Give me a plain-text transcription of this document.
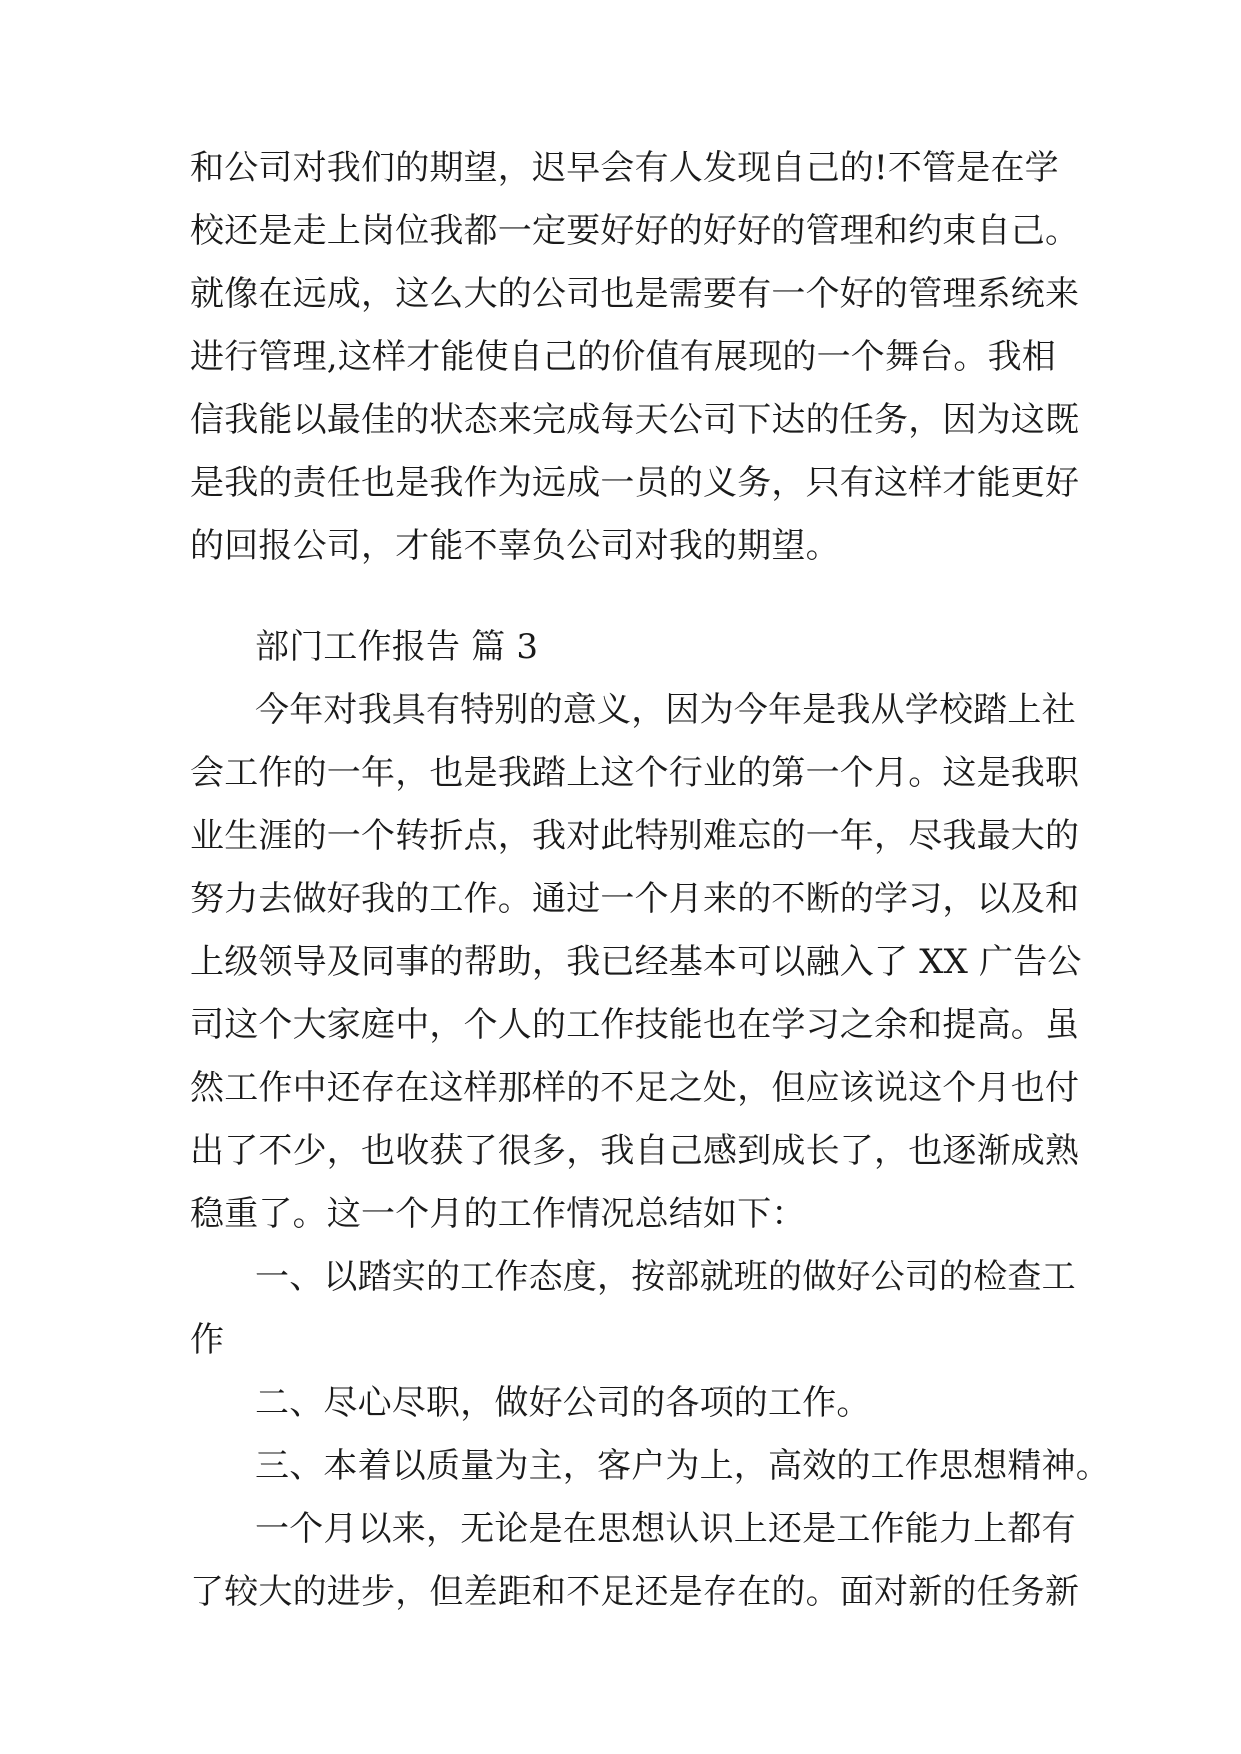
和公司对我们的期望，迟早会有人发现自己的!不管是在学
校还是走上岗位我都一定要好好的好好的管理和约束自己。
就像在远成，这么大的公司也是需要有一个好的管理系统来
进行管理,这样才能使自己的价值有展现的一个舞台。我相
信我能以最佳的状态来完成每天公司下达的任务，因为这既
是我的责任也是我作为远成一员的义务，只有这样才能更好
的回报公司，才能不辜负公司对我的期望。
部门工作报告 篇 3
今年对我具有特别的意义，因为今年是我从学校踏上社
会工作的一年，也是我踏上这个行业的第一个月。这是我职
业生涯的一个转折点，我对此特别难忘的一年，尽我最大的
努力去做好我的工作。通过一个月来的不断的学习，以及和
上级领导及同事的帮助，我已经基本可以融入了 XX 广告公
司这个大家庭中，个人的工作技能也在学习之余和提高。虽
然工作中还存在这样那样的不足之处，但应该说这个月也付
出了不少，也收获了很多，我自己感到成长了，也逐渐成熟
稳重了。这一个月的工作情况总结如下：
一、以踏实的工作态度，按部就班的做好公司的检查工
作
二、尽心尽职，做好公司的各项的工作。
三、本着以质量为主，客户为上，高效的工作思想精神。
一个月以来，无论是在思想认识上还是工作能力上都有
了较大的进步，但差距和不足还是存在的。面对新的任务新
